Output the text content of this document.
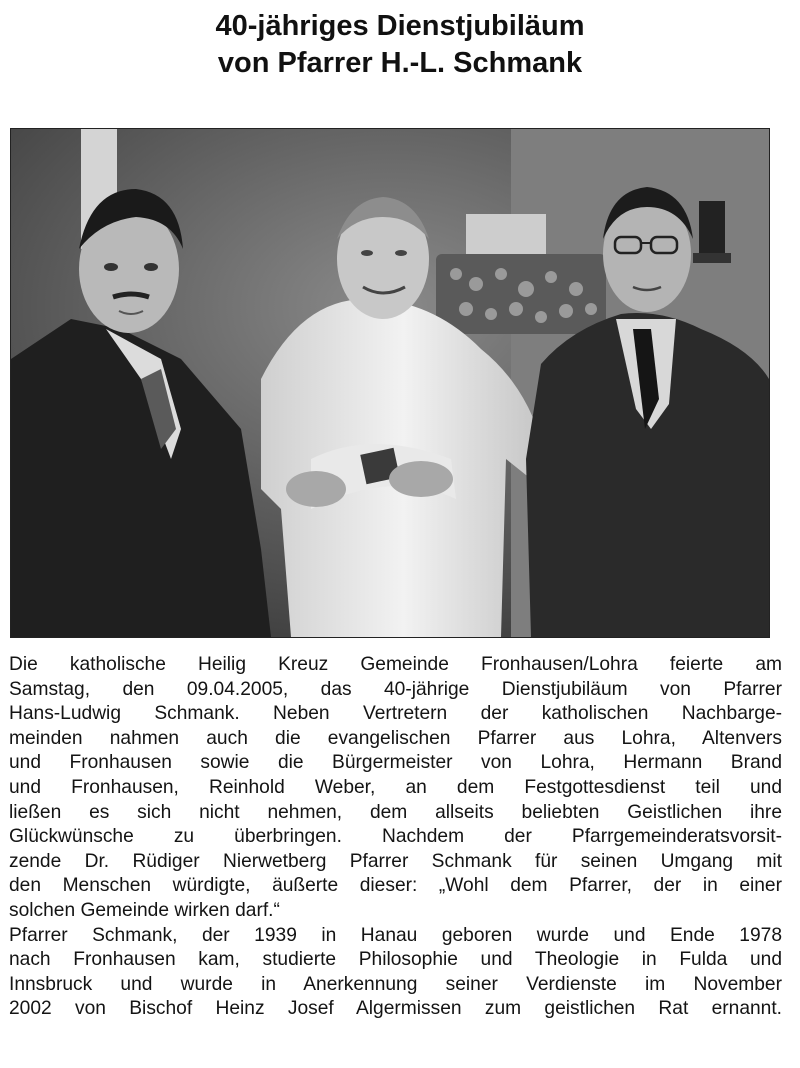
40-jähriges Dienstjubiläum
von Pfarrer H.-L. Schmank

Die katholische Heilig Kreuz Gemeinde Fronhausen/Lohra feierte am
Samstag, den 09.04.2005, das 40-jährige Dienstjubiläum von Pfarrer
Hans-Ludwig Schmank. Neben Vertretern der katholischen Nachbarge-
meinden nahmen auch die evangelischen Pfarrer aus Lohra, Altenvers
und Fronhausen sowie die Bürgermeister von Lohra, Hermann Brand
und Fronhausen, Reinhold Weber, an dem Festgottesdienst teil und
ließen es sich nicht nehmen, dem allseits beliebten Geistlichen ihre
Glückwünsche zu überbringen. Nachdem der Pfarrgemeinderatsvorsit-
zende Dr. Rüdiger Nierwetberg Pfarrer Schmank für seinen Umgang mit
den Menschen würdigte, äußerte dieser: „Wohl dem Pfarrer, der in einer
solchen Gemeinde wirken darf.“

Pfarrer Schmank, der 1939 in Hanau geboren wurde und Ende 1978
nach Fronhausen kam, studierte Philosophie und Theologie in Fulda und
Innsbruck und wurde in Anerkennung seiner Verdienste im November
2002 von Bischof Heinz Josef Algermissen zum geistlichen Rat ernannt.
